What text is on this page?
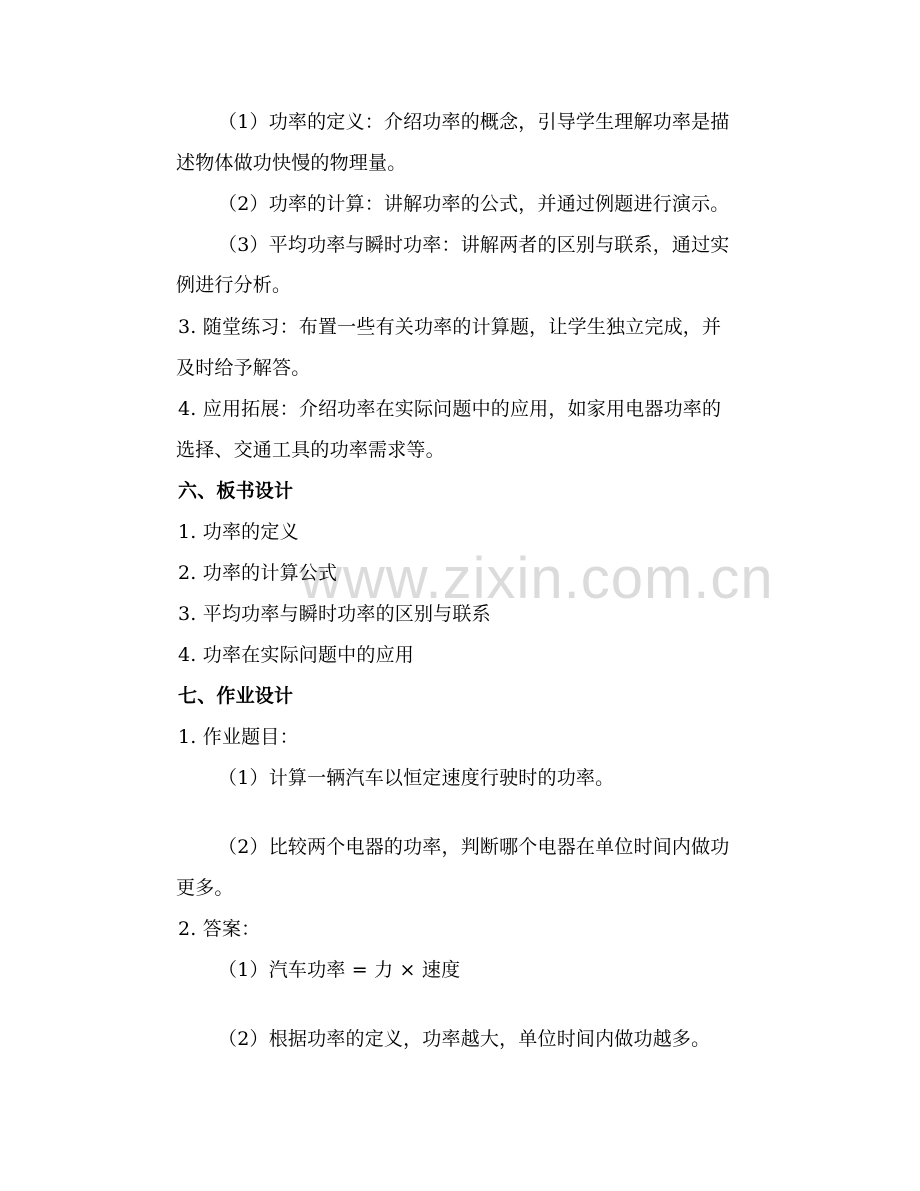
www.zixin.com.cn
（1）功率的定义：介绍功率的概念，引导学生理解功率是描
述物体做功快慢的物理量。
（2）功率的计算：讲解功率的公式，并通过例题进行演示。
（3）平均功率与瞬时功率：讲解两者的区别与联系，通过实
例进行分析。
3. 随堂练习：布置一些有关功率的计算题，让学生独立完成，并
及时给予解答。
4. 应用拓展：介绍功率在实际问题中的应用，如家用电器功率的
选择、交通工具的功率需求等。
六、板书设计
1. 功率的定义
2. 功率的计算公式
3. 平均功率与瞬时功率的区别与联系
4. 功率在实际问题中的应用
七、作业设计
1. 作业题目：
（1）计算一辆汽车以恒定速度行驶时的功率。
（2）比较两个电器的功率，判断哪个电器在单位时间内做功
更多。
2. 答案：
（1）汽车功率 = 力 × 速度
（2）根据功率的定义，功率越大，单位时间内做功越多。
